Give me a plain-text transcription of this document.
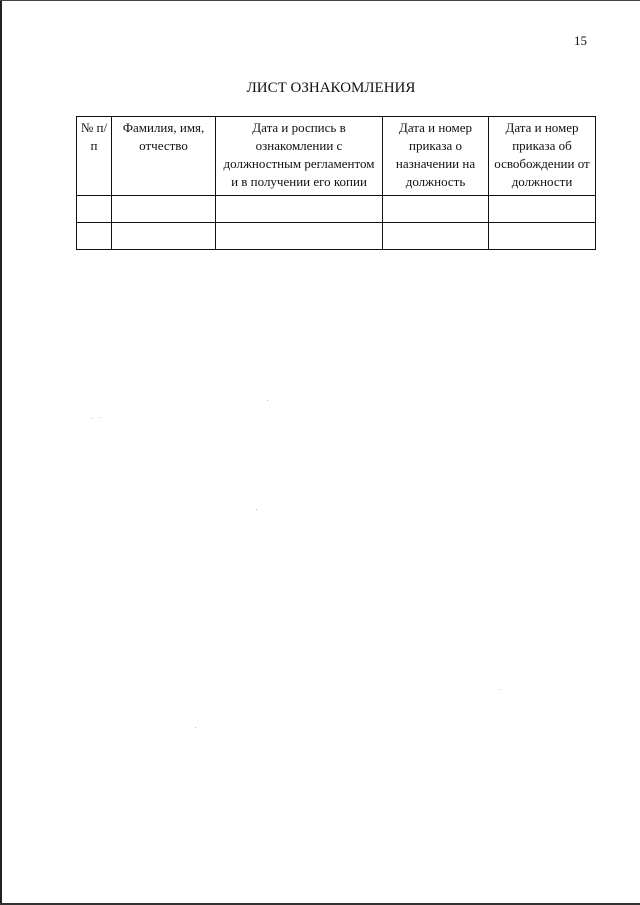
15
ЛИСТ ОЗНАКОМЛЕНИЯ
№ п/п	Фамилия, имя, отчество	Дата и роспись в ознакомлении с должностным регламентом и в получении его копии	Дата и номер приказа о назначении на должность	Дата и номер приказа об освобождении от должности
